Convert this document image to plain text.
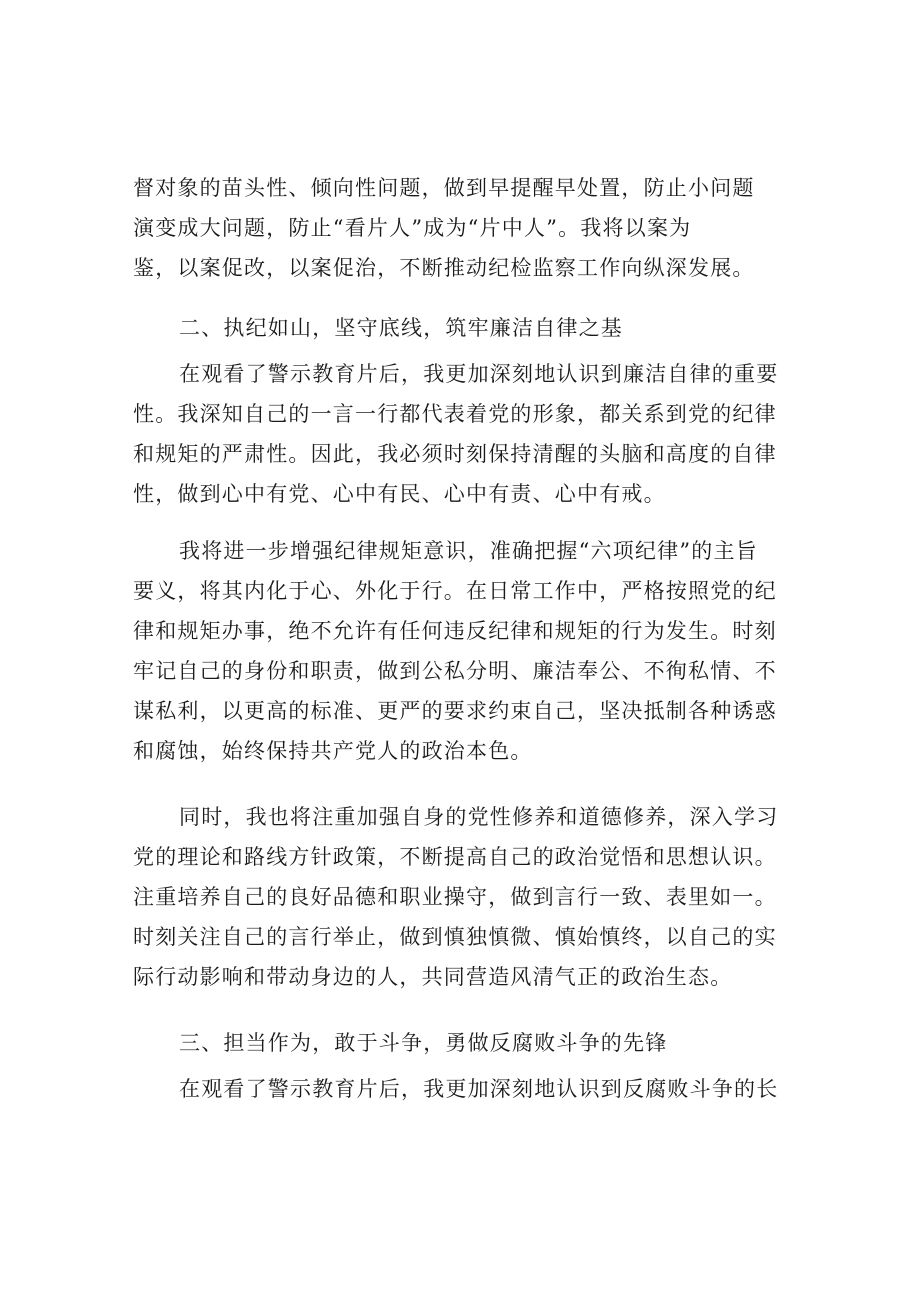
督对象的苗头性、倾向性问题，做到早提醒早处置，防止小问题
演变成大问题，防止“看片人”成为“片中人”。我将以案为
鉴，以案促改，以案促治，不断推动纪检监察工作向纵深发展。
二、执纪如山，坚守底线，筑牢廉洁自律之基
在观看了警示教育片后，我更加深刻地认识到廉洁自律的重要
性。我深知自己的一言一行都代表着党的形象，都关系到党的纪律
和规矩的严肃性。因此，我必须时刻保持清醒的头脑和高度的自律
性，做到心中有党、心中有民、心中有责、心中有戒。
我将进一步增强纪律规矩意识，准确把握“六项纪律”的主旨
要义，将其内化于心、外化于行。在日常工作中，严格按照党的纪
律和规矩办事，绝不允许有任何违反纪律和规矩的行为发生。时刻
牢记自己的身份和职责，做到公私分明、廉洁奉公、不徇私情、不
谋私利，以更高的标准、更严的要求约束自己，坚决抵制各种诱惑
和腐蚀，始终保持共产党人的政治本色。
同时，我也将注重加强自身的党性修养和道德修养，深入学习
党的理论和路线方针政策，不断提高自己的政治觉悟和思想认识。
注重培养自己的良好品德和职业操守，做到言行一致、表里如一。
时刻关注自己的言行举止，做到慎独慎微、慎始慎终，以自己的实
际行动影响和带动身边的人，共同营造风清气正的政治生态。
三、担当作为，敢于斗争，勇做反腐败斗争的先锋
在观看了警示教育片后，我更加深刻地认识到反腐败斗争的长
